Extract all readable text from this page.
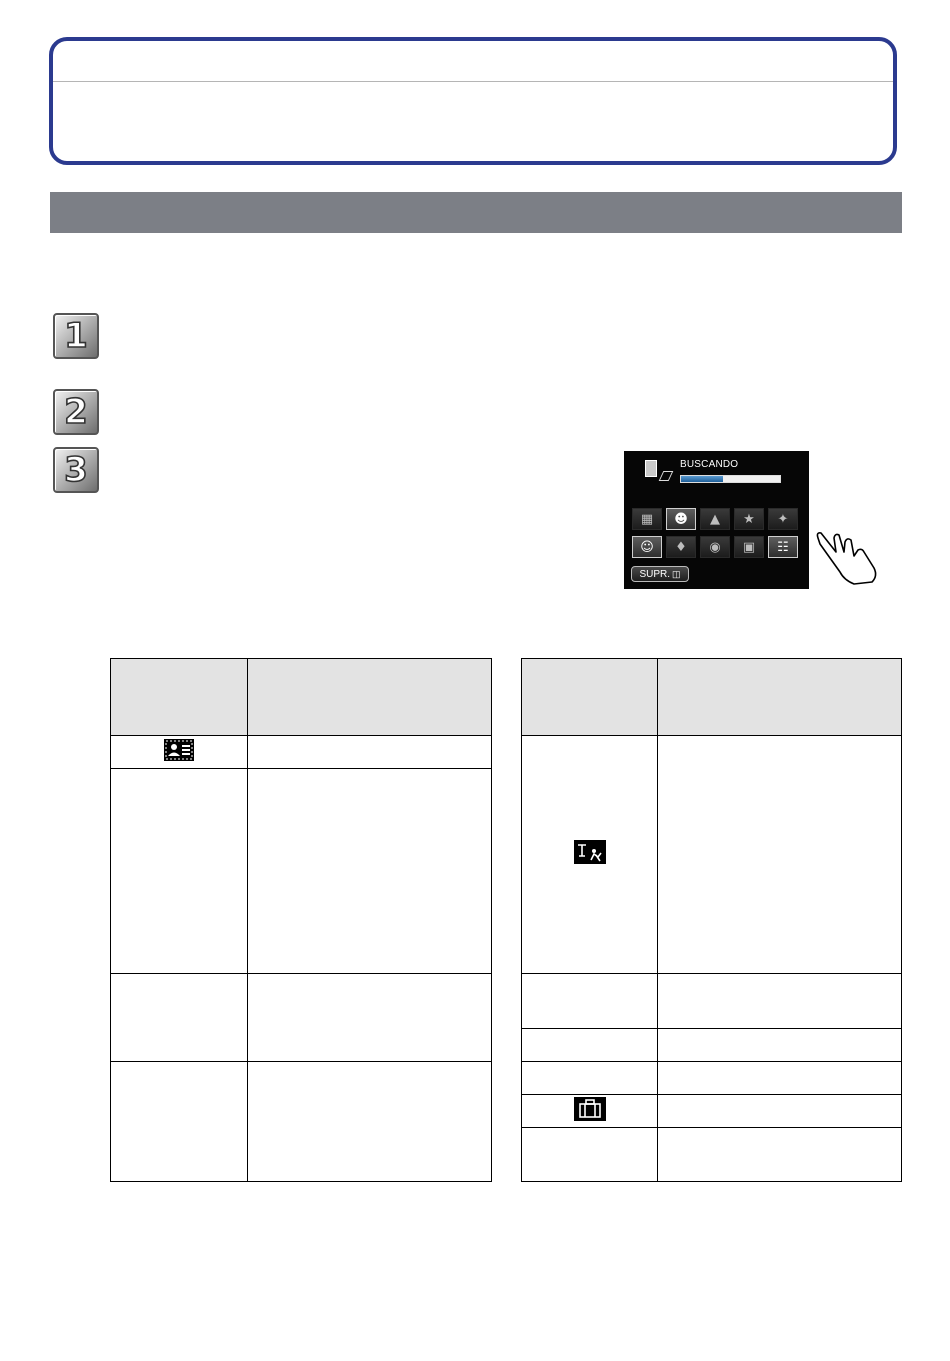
1
2
3	BUSCANDO
▦	☻	▲	★	✦
☺	♦	◉	▣	☷
SUPR. ◫
